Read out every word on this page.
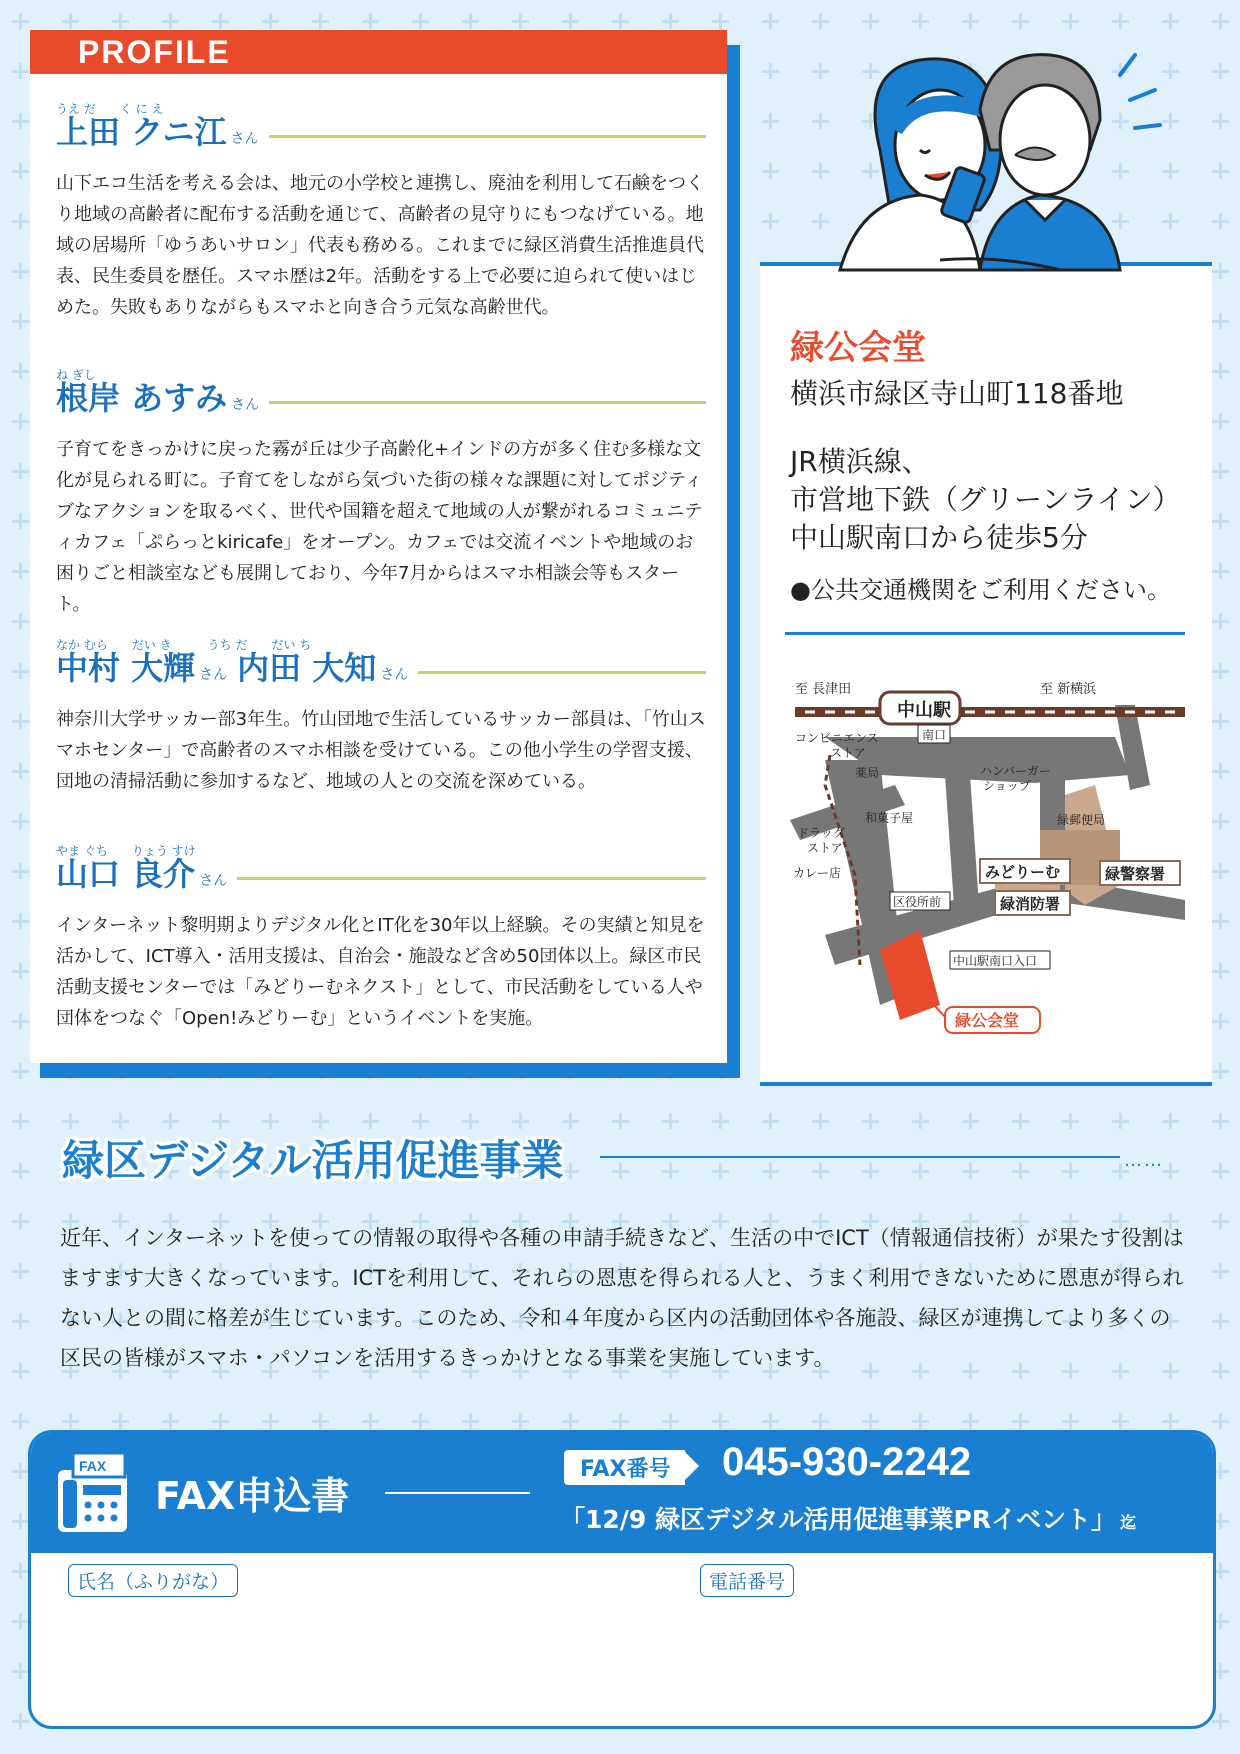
PROFILE
うえ だ　　く に え
上田 クニ江 さん
山下エコ生活を考える会は、地元の小学校と連携し、廃油を利用して石鹸をつくり地域の高齢者に配布する活動を通じて、高齢者の見守りにもつなげている。地域の居場所「ゆうあいサロン」代表も務める。これまでに緑区消費生活推進員代表、民生委員を歴任。スマホ歴は2年。活動をする上で必要に迫られて使いはじめた。失敗もありながらもスマホと向き合う元気な高齢世代。
ね ぎし
根岸 あすみ さん
子育てをきっかけに戻った霧が丘は少子高齢化+インドの方が多く住む多様な文化が見られる町に。子育てをしながら気づいた街の様々な課題に対してポジティブなアクションを取るべく、世代や国籍を超えて地域の人が繋がれるコミュニティカフェ「ぷらっとkiricafe」をオープン。カフェでは交流イベントや地域のお困りごと相談室なども展開しており、今年7月からはスマホ相談会等もスタート。
なか むら　　だい き　　　うち だ　　だい ち
中村 大輝 さん 内田 大知 さん
神奈川大学サッカー部3年生。竹山団地で生活しているサッカー部員は、「竹山スマホセンター」で高齢者のスマホ相談を受けている。この他小学生の学習支援、団地の清掃活動に参加するなど、地域の人との交流を深めている。
やま ぐち　　りょう すけ
山口 良介 さん
インターネット黎明期よりデジタル化とIT化を30年以上経験。その実績と知見を活かして、ICT導入・活用支援は、自治会・施設など含め50団体以上。緑区市民活動支援センターでは「みどりーむネクスト」として、市民活動をしている人や団体をつなぐ「Open!みどりーむ」というイベントを実施。
緑公会堂
横浜市緑区寺山町118番地
JR横浜線、
市営地下鉄（グリーンライン）
中山駅南口から徒歩5分
●公共交通機関をご利用ください。
至 長津田	至 新横浜
中山駅
南口
コンビニエンス
ストア
薬局
和菓子屋
ドラッグ
ストア
カレー店
ハンバーガー
ショップ
緑郵便局
みどりーむ	緑警察署
緑消防署
区役所前
中山駅南口入口
緑公会堂
緑区デジタル活用促進事業	……
近年、インターネットを使っての情報の取得や各種の申請手続きなど、生活の中でICT（情報通信技術）が果たす役割はますます大きくなっています。ICTを利用して、それらの恩恵を得られる人と、うまく利用できないために恩恵が得られない人との間に格差が生じています。このため、令和４年度から区内の活動団体や各施設、緑区が連携してより多くの区民の皆様がスマホ・パソコンを活用するきっかけとなる事業を実施しています。
FAX
FAX申込書
FAX番号	045-930-2242
「12/9 緑区デジタル活用促進事業PRイベント」 迄
氏名（ふりがな）	電話番号
